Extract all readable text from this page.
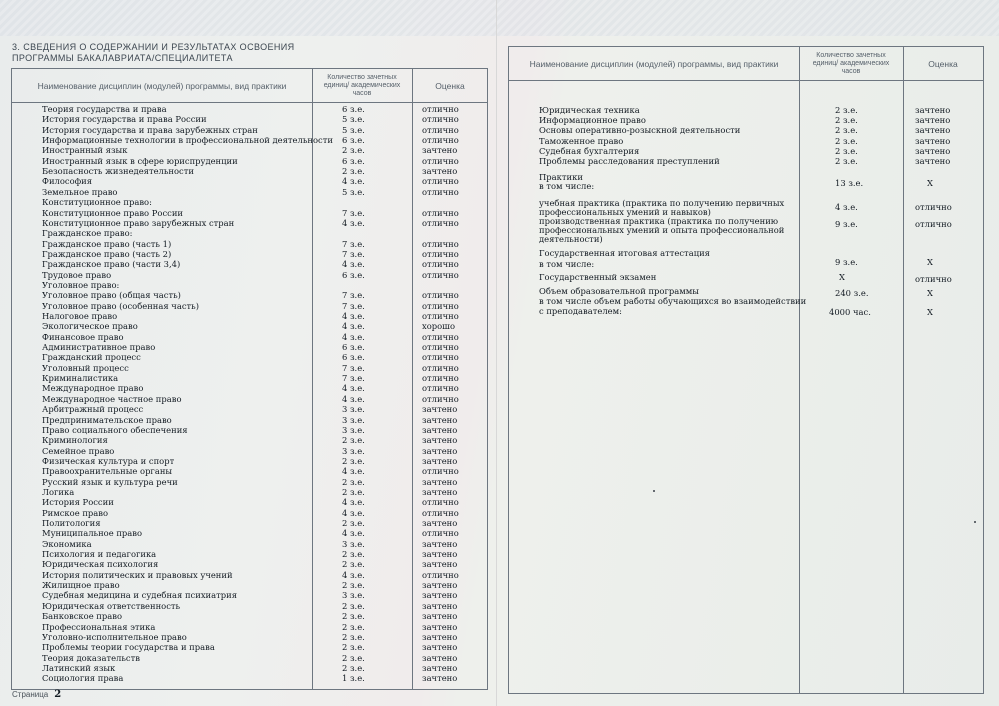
3. СВЕДЕНИЯ О СОДЕРЖАНИИ И РЕЗУЛЬТАТАХ ОСВОЕНИЯ ПРОГРАММЫ БАКАЛАВРИАТА/СПЕЦИАЛИТЕТА
Наименование дисциплин (модулей) программы, вид практики
Количество зачетных единиц/ академических часов
Оценка
Теория государства и права	6 з.е.	отлично
История государства и права России	5 з.е.	отлично
История государства и права зарубежных стран	5 з.е.	отлично
Информационные технологии в профессиональной деятельности 6 з.е.	отлично
Иностранный язык	2 з.е.	зачтено
Иностранный язык в сфере юриспруденции	6 з.е.	отлично
Безопасность жизнедеятельности	2 з.е.	зачтено
Философия	4 з.е.	отлично
Земельное право	5 з.е.	отлично
Конституционное право:
Конституционное право России	7 з.е.	отлично
Конституционное право зарубежных стран	4 з.е.	отлично
Гражданское право:
Гражданское право (часть 1)	7 з.е.	отлично
Гражданское право (часть 2)	7 з.е.	отлично
Гражданское право (части 3,4)	4 з.е.	отлично
Трудовое право	6 з.е.	отлично
Уголовное право:
Уголовное право (общая часть)	7 з.е.	отлично
Уголовное право (особенная часть)	7 з.е.	отлично
Налоговое право	4 з.е.	отлично
Экологическое право	4 з.е.	хорошо
Финансовое право	4 з.е.	отлично
Административное право	6 з.е.	отлично
Гражданский процесс	6 з.е.	отлично
Уголовный процесс	7 з.е.	отлично
Криминалистика	7 з.е.	отлично
Международное право	4 з.е.	отлично
Международное частное право	4 з.е.	отлично
Арбитражный процесс	3 з.е.	зачтено
Предпринимательское право	3 з.е.	зачтено
Право социального обеспечения	3 з.е.	зачтено
Криминология	2 з.е.	зачтено
Семейное право	3 з.е.	зачтено
Физическая культура и спорт	2 з.е.	зачтено
Правоохранительные органы	4 з.е.	отлично
Русский язык и культура речи	2 з.е.	зачтено
Логика	2 з.е.	зачтено
История России	4 з.е.	отлично
Римское право	4 з.е.	отлично
Политология	2 з.е.	зачтено
Муниципальное право	4 з.е.	отлично
Экономика	3 з.е.	зачтено
Психология и педагогика	2 з.е.	зачтено
Юридическая психология	2 з.е.	зачтено
История политических и правовых учений	4 з.е.	отлично
Жилищное право	2 з.е.	зачтено
Судебная медицина и судебная психиатрия	3 з.е.	зачтено
Юридическая ответственность	2 з.е.	зачтено
Банковское право	2 з.е.	зачтено
Профессиональная этика	2 з.е.	зачтено
Уголовно-исполнительное право	2 з.е.	зачтено
Проблемы теории государства и права	2 з.е.	зачтено
Теория доказательств	2 з.е.	зачтено
Латинский язык	2 з.е.	зачтено
Социология права	1 з.е.	зачтено
Страница 2
Наименование дисциплин (модулей) программы, вид практики
Количество зачетных единиц/ академических часов
Оценка
Юридическая техника	2 з.е.	зачтено
Информационное право	2 з.е.	зачтено
Основы оперативно-розыскной деятельности	2 з.е.	зачтено
Таможенное право	2 з.е.	зачтено
Судебная бухгалтерия	2 з.е.	зачтено
Проблемы расследования преступлений	2 з.е.	зачтено
Практики
в том числе:	13 з.е.	Х
учебная практика (практика по получению первичных
профессиональных умений и навыков)	4 з.е.	отлично
производственная практика (практика по получению
профессиональных умений и опыта профессиональной
деятельности)
9 з.е.	отлично
Государственная итоговая аттестация
в том числе:	9 з.е.	Х
Государственный экзамен	Х	отлично
Объем образовательной программы	240 з.е.	Х
в том числе объем работы обучающихся во взаимодействии
с преподавателем:	4000 час.	Х
